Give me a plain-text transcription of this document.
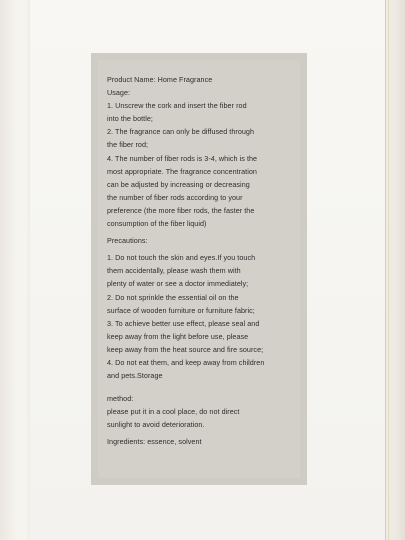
Product Name: Home Fragrance
Usage:
1. Unscrew the cork and insert the fiber rod
into the bottle;
2. The fragrance can only be diffused through
the fiber rod;
4. The number of fiber rods is 3-4, which is the
most appropriate. The fragrance concentration
can be adjusted by increasing or decreasing
the number of fiber rods according to your
preference (the more fiber rods, the faster the
consumption of the fiber liquid)
Precautions:
1. Do not touch the skin and eyes.If you touch
them accidentally, please wash them with
plenty of water or see a doctor immediately;
2. Do not sprinkle the essential oil on the
surface of wooden furniture or furniture fabric;
3. To achieve better use effect, please seal and
keep away from the light before use, please
keep away from the heat source and fire source;
4. Do not eat them, and keep away from children
and pets.Storage
method:
please put it in a cool place, do not direct
sunlight to avoid deterioration.
Ingredients: essence, solvent
